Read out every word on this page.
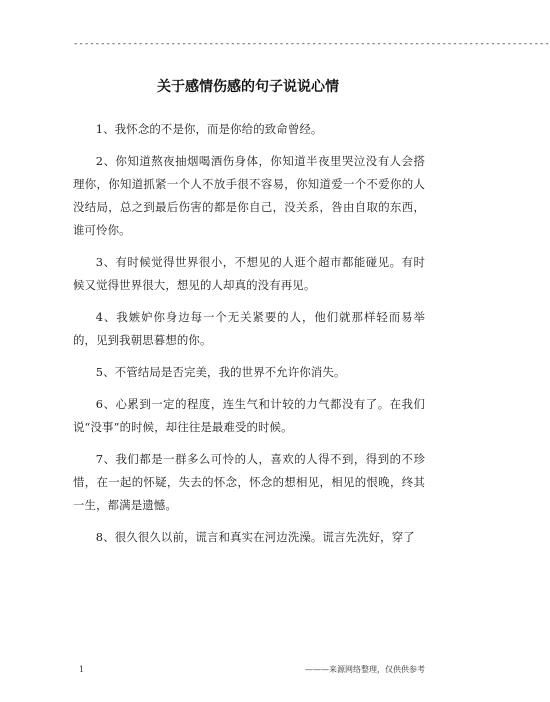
----------------------------------------------------------------------------------------
关于感情伤感的句子说说心情

1、我怀念的不是你，而是你给的致命曾经。

2、你知道熬夜抽烟喝酒伤身体，你知道半夜里哭泣没有人会搭理你，你知道抓紧一个人不放手很不容易，你知道爱一个不爱你的人没结局，总之到最后伤害的都是你自己，没关系，咎由自取的东西，谁可怜你。

3、有时候觉得世界很小，不想见的人逛个超市都能碰见。有时候又觉得世界很大，想见的人却真的没有再见。

4、我嫉妒你身边每一个无关紧要的人，他们就那样轻而易举的，见到我朝思暮想的你。

5、不管结局是否完美，我的世界不允许你消失。

6、心累到一定的程度，连生气和计较的力气都没有了。在我们说“没事”的时候，却往往是最难受的时候。

7、我们都是一群多么可怜的人，喜欢的人得不到，得到的不珍惜，在一起的怀疑，失去的怀念，怀念的想相见，相见的恨晚，终其一生，都满是遗憾。

8、很久很久以前，谎言和真实在河边洗澡。谎言先洗好，穿了

1	———来源网络整理，仅供供参考
